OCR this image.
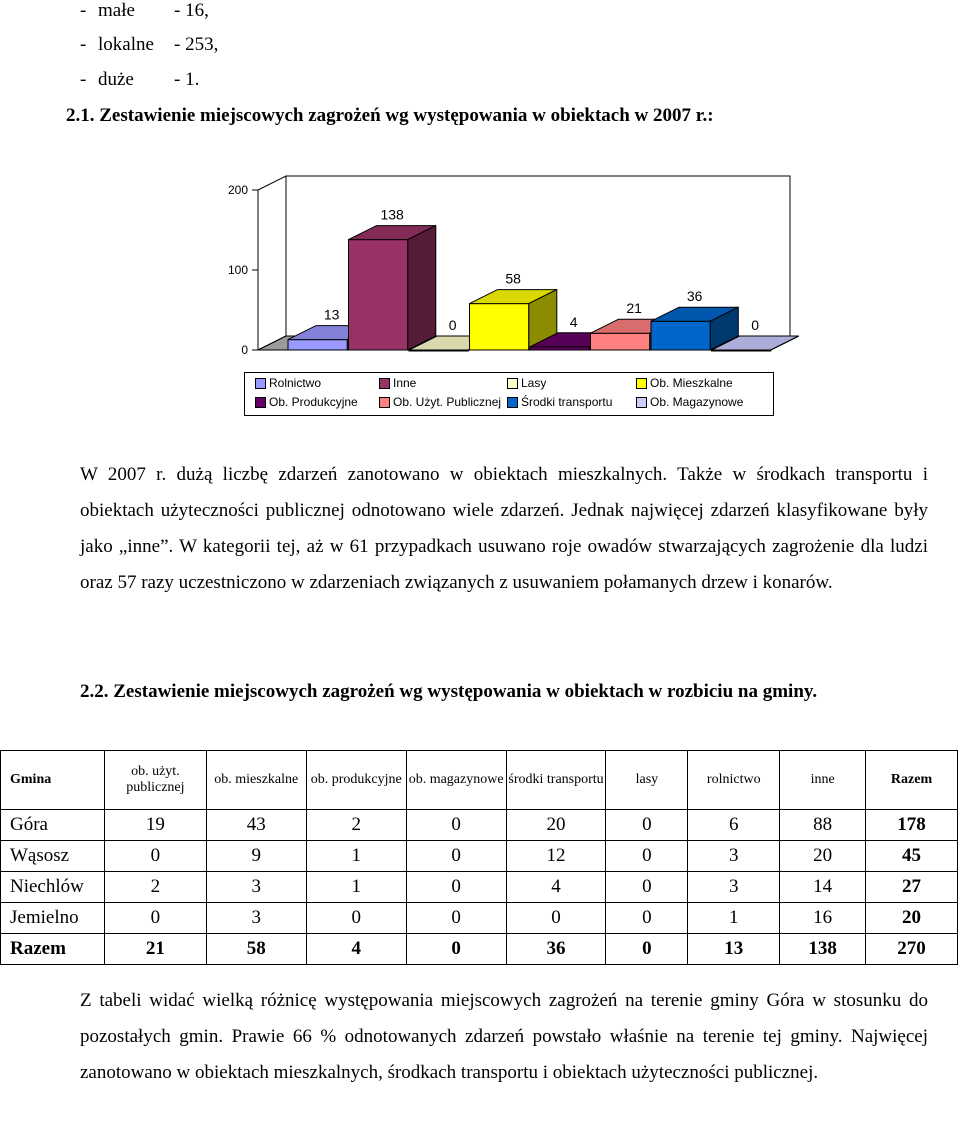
- małe - 16,
- lokalne - 253,
- duże - 1.
2.1. Zestawienie miejscowych zagrożeń wg występowania w obiektach w 2007 r.:
0
100
200
13
138
0
58
4
21
36
0
Rolnictwo	Inne	Lasy	Ob. Mieszkalne
Ob. Produkcyjne	Ob. Użyt. Publicznej Środki transportu	Ob. Magazynowe
W 2007 r. dużą liczbę zdarzeń zanotowano w obiektach mieszkalnych. Także w środkach transportu i obiektach użyteczności publicznej odnotowano wiele zdarzeń. Jednak najwięcej zdarzeń klasyfikowane były jako „inne”. W kategorii tej, aż w 61 przypadkach usuwano roje owadów stwarzających zagrożenie dla ludzi oraz 57 razy uczestniczono w zdarzeniach związanych z usuwaniem połamanych drzew i konarów.
2.2. Zestawienie miejscowych zagrożeń wg występowania w obiektach w rozbiciu na gminy.
Gmina	ob. użyt. publicznej	ob. mieszkalne	ob. produkcyjne	ob. magazynowe	środki transportu	lasy	rolnictwo	inne	Razem
Góra	19	43	2	0	20	0	6	88	178
Wąsosz	0	9	1	0	12	0	3	20	45
Niechlów	2	3	1	0	4	0	3	14	27
Jemielno	0	3	0	0	0	0	1	16	20
Razem	21	58	4	0	36	0	13	138	270
Z tabeli widać wielką różnicę występowania miejscowych zagrożeń na terenie gminy Góra w stosunku do pozostałych gmin. Prawie 66 % odnotowanych zdarzeń powstało właśnie na terenie tej gminy. Najwięcej zanotowano w obiektach mieszkalnych, środkach transportu i obiektach użyteczności publicznej.
